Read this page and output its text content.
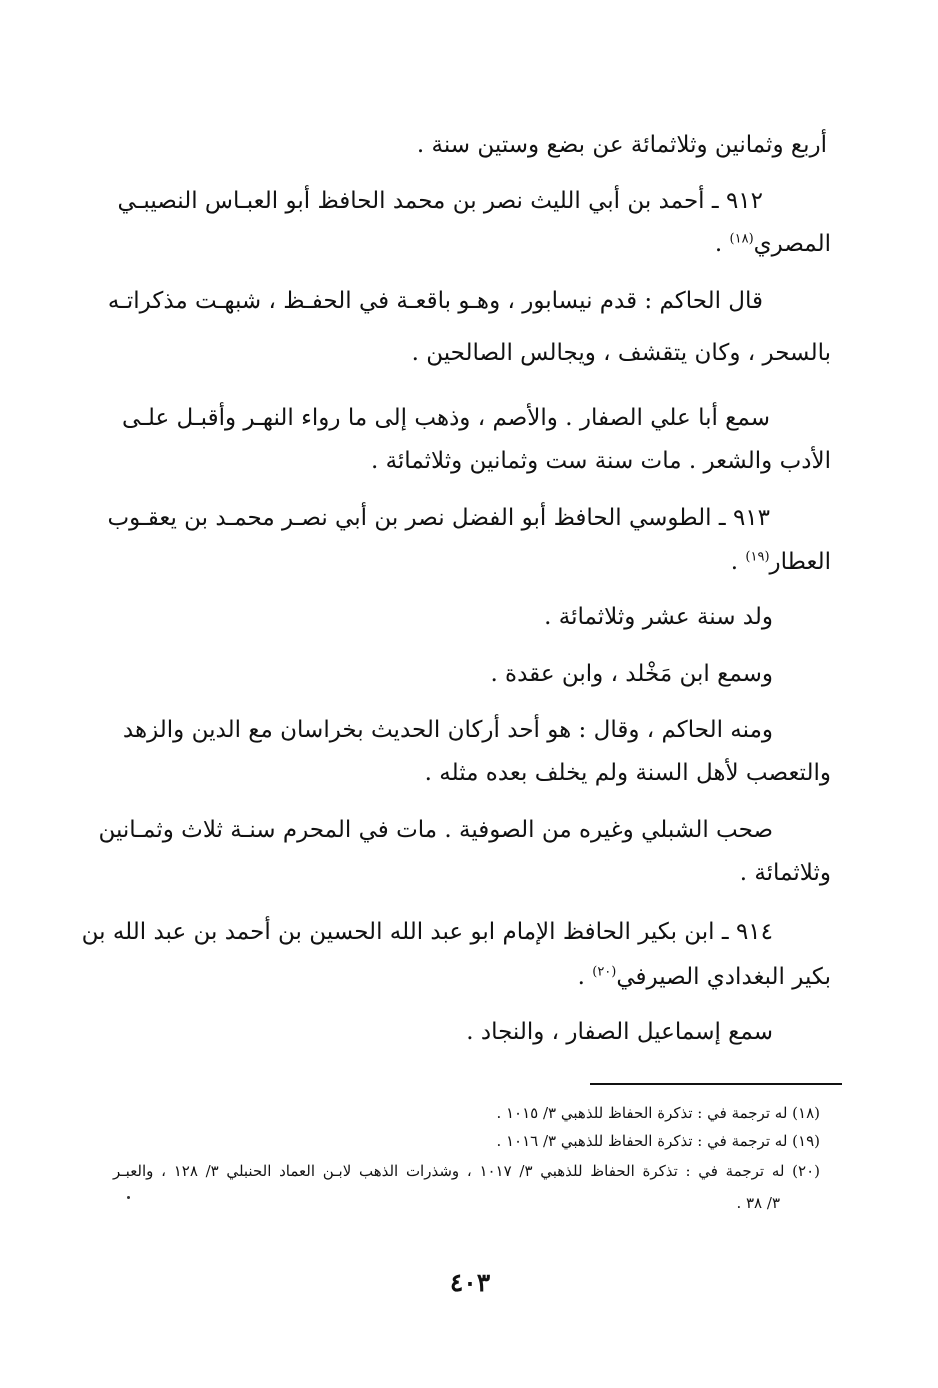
أربع وثمانين وثلاثمائة عن بضع وستين سنة .
٩١٢ ـ أحمد بن أبي الليث نصر بن محمد الحافظ أبو العبـاس النصيبـي
المصري$^{(١٨)}$ .
قال الحاكم : قدم نيسابور ، وهـو باقعـة في الحفـظ ، شبهـت مذكراتـه
بالسحر ، وكان يتقشف ، ويجالس الصالحين .
سمع أبا علي الصفار . والأصم ، وذهب إلى ما رواء النهـر وأقبـل علـى
الأدب والشعر . مات سنة ست وثمانين وثلاثمائة .
٩١٣ ـ الطوسي الحافظ أبو الفضل نصر بن أبي نصـر محمـد بن يعقـوب
العطار$^{(١٩)}$ .
ولد سنة عشر وثلاثمائة .
وسمع ابن مَخْلد ، وابن عقدة .
ومنه الحاكم ، وقال : هو أحد أركان الحديث بخراسان مع الدين والزهد
والتعصب لأهل السنة ولم يخلف بعده مثله .
صحب الشبلي وغيره من الصوفية . مات في المحرم سنـة ثلاث وثمـانين
وثلاثمائة .
٩١٤ ـ ابن بكير الحافظ الإمام ابو عبد الله الحسين بن أحمد بن عبد الله بن
بكير البغدادي الصيرفي$^{(٢٠)}$ .
سمع إسماعيل الصفار ، والنجاد .
(١٨) له ترجمة في : تذكرة الحفاظ للذهبي ٣/ ١٠١٥ .
(١٩) له ترجمة في : تذكرة الحفاظ للذهبي ٣/ ١٠١٦ .
(٢٠) له ترجمة في : تذكرة الحفاظ للذهبي ٣/ ١٠١٧ ، وشذرات الذهب لابـن العماد الحنبلي ٣/ ١٢٨ ، والعبـر
٣/ ٣٨ .
٤٠٣
